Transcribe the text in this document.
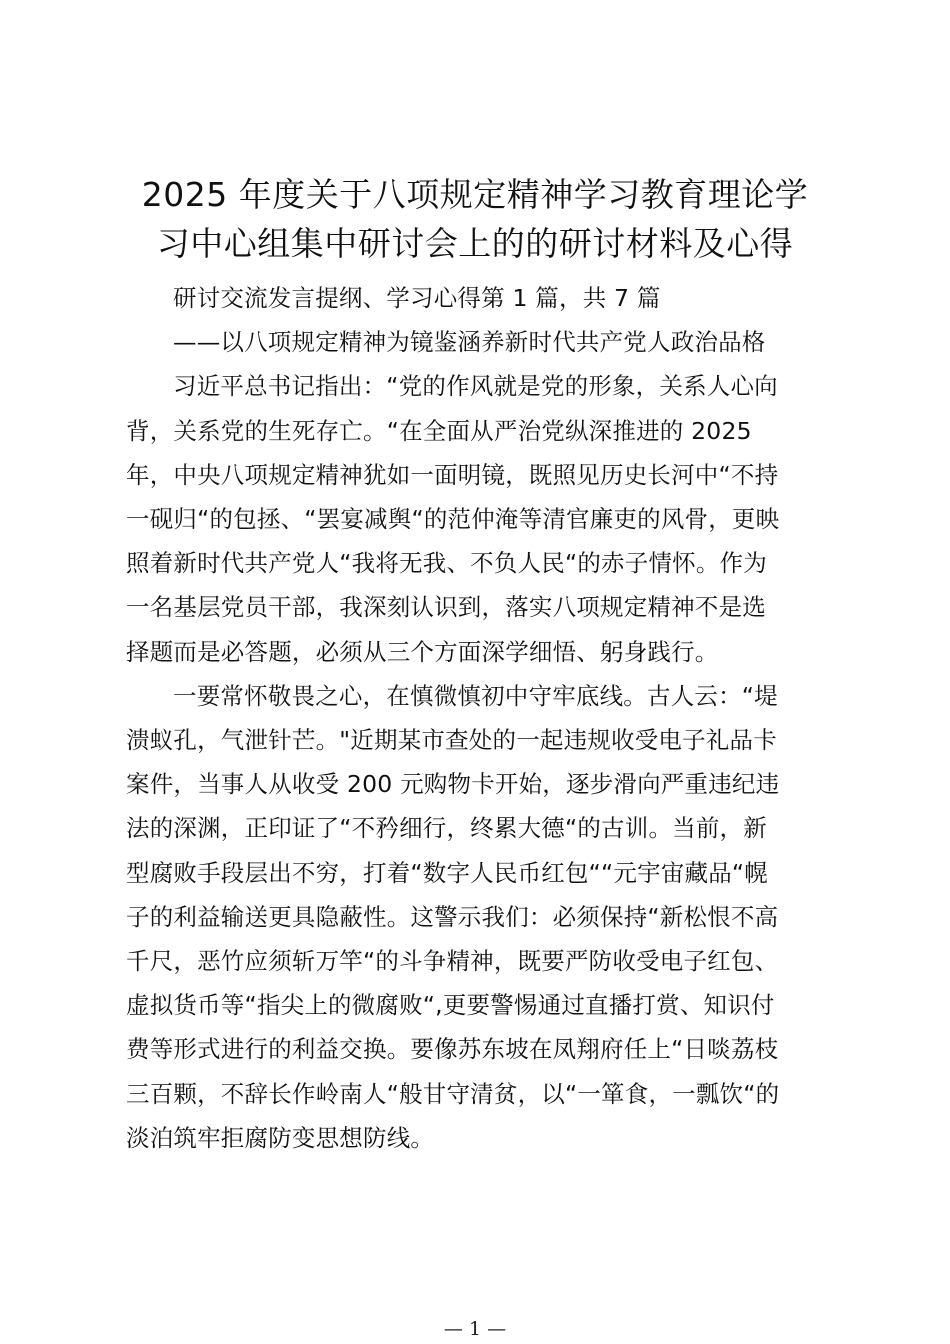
2025 年度关于八项规定精神学习教育理论学
习中心组集中研讨会上的的研讨材料及心得
研讨交流发言提纲、学习心得第 1 篇，共 7 篇
——以八项规定精神为镜鉴涵养新时代共产党人政治品格
习近平总书记指出：“党的作风就是党的形象，关系人心向
背，关系党的生死存亡。“在全面从严治党纵深推进的 2025
年，中央八项规定精神犹如一面明镜，既照见历史长河中“不持
一砚归“的包拯、“罢宴减舆“的范仲淹等清官廉吏的风骨，更映
照着新时代共产党人“我将无我、不负人民“的赤子情怀。作为
一名基层党员干部，我深刻认识到，落实八项规定精神不是选
择题而是必答题，必须从三个方面深学细悟、躬身践行。
一要常怀敬畏之心，在慎微慎初中守牢底线。古人云：“堤
溃蚁孔，气泄针芒。"近期某市查处的一起违规收受电子礼品卡
案件，当事人从收受 200 元购物卡开始，逐步滑向严重违纪违
法的深渊，正印证了“不矜细行，终累大德“的古训。当前，新
型腐败手段层出不穷，打着“数字人民币红包““元宇宙藏品“幌
子的利益输送更具隐蔽性。这警示我们：必须保持“新松恨不高
千尺，恶竹应须斩万竿“的斗争精神，既要严防收受电子红包、
虚拟货币等“指尖上的微腐败“,更要警惕通过直播打赏、知识付
费等形式进行的利益交换。要像苏东坡在凤翔府任上“日啖荔枝
三百颗，不辞长作岭南人“般甘守清贫，以“一箪食，一瓢饮“的
淡泊筑牢拒腐防变思想防线。
— 1 —
